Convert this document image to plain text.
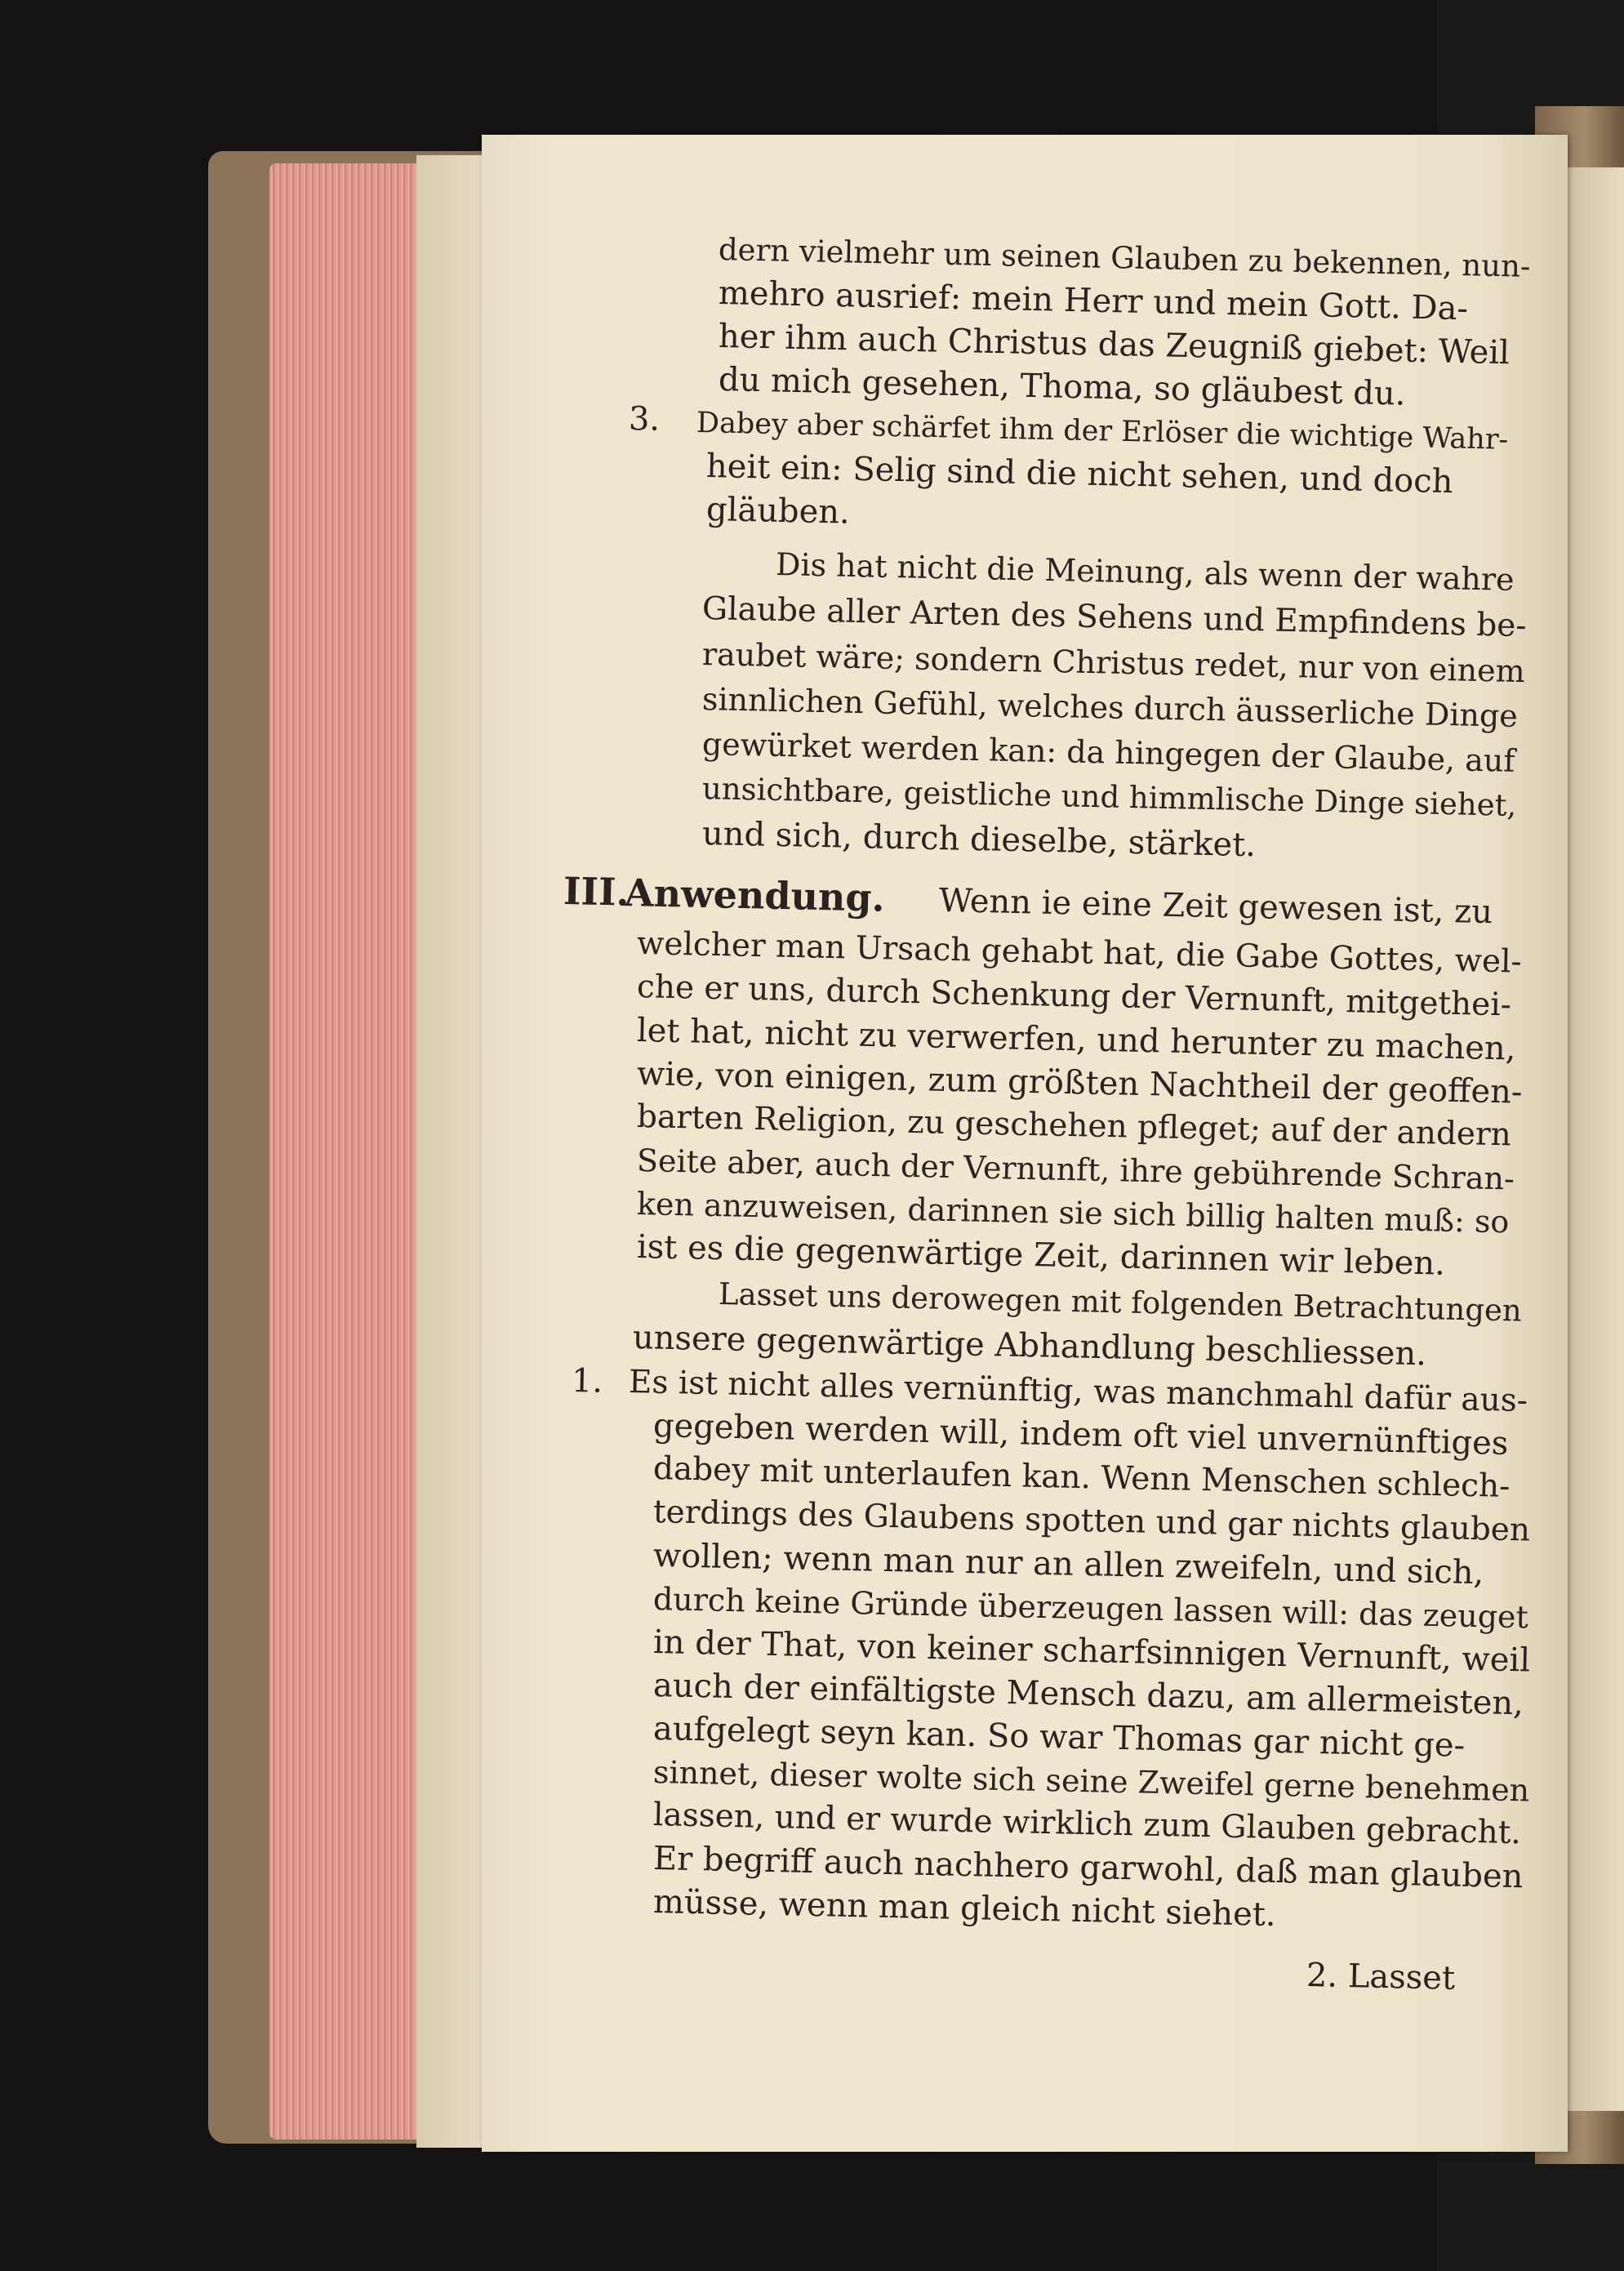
dern vielmehr um seinen Glauben zu bekennen, nun-
mehro ausrief: mein Herr und mein Gott. Da-
her ihm auch Christus das Zeugniß giebet: Weil
du mich gesehen, Thoma, so gläubest du.
3. Dabey aber schärfet ihm der Erlöser die wichtige Wahr-
heit ein: Selig sind die nicht sehen, und doch
gläuben.
Dis hat nicht die Meinung, als wenn der wahre
Glaube aller Arten des Sehens und Empfindens be-
raubet wäre; sondern Christus redet, nur von einem
sinnlichen Gefühl, welches durch äusserliche Dinge
gewürket werden kan: da hingegen der Glaube, auf
unsichtbare, geistliche und himmlische Dinge siehet,
und sich, durch dieselbe, stärket.
III.
Anwendung. Wenn ie eine Zeit gewesen ist, zu
welcher man Ursach gehabt hat, die Gabe Gottes, wel-
che er uns, durch Schenkung der Vernunft, mitgethei-
let hat, nicht zu verwerfen, und herunter zu machen,
wie, von einigen, zum größten Nachtheil der geoffen-
barten Religion, zu geschehen pfleget; auf der andern
Seite aber, auch der Vernunft, ihre gebührende Schran-
ken anzuweisen, darinnen sie sich billig halten muß: so
ist es die gegenwärtige Zeit, darinnen wir leben.
Lasset uns derowegen mit folgenden Betrachtungen
unsere gegenwärtige Abhandlung beschliessen.
1. Es ist nicht alles vernünftig, was manchmahl dafür aus-
gegeben werden will, indem oft viel unvernünftiges
dabey mit unterlaufen kan. Wenn Menschen schlech-
terdings des Glaubens spotten und gar nichts glauben
wollen; wenn man nur an allen zweifeln, und sich,
durch keine Gründe überzeugen lassen will: das zeuget
in der That, von keiner scharfsinnigen Vernunft, weil
auch der einfältigste Mensch dazu, am allermeisten,
aufgelegt seyn kan. So war Thomas gar nicht ge-
sinnet, dieser wolte sich seine Zweifel gerne benehmen
lassen, und er wurde wirklich zum Glauben gebracht.
Er begriff auch nachhero garwohl, daß man glauben
müsse, wenn man gleich nicht siehet.
2. Lasset
